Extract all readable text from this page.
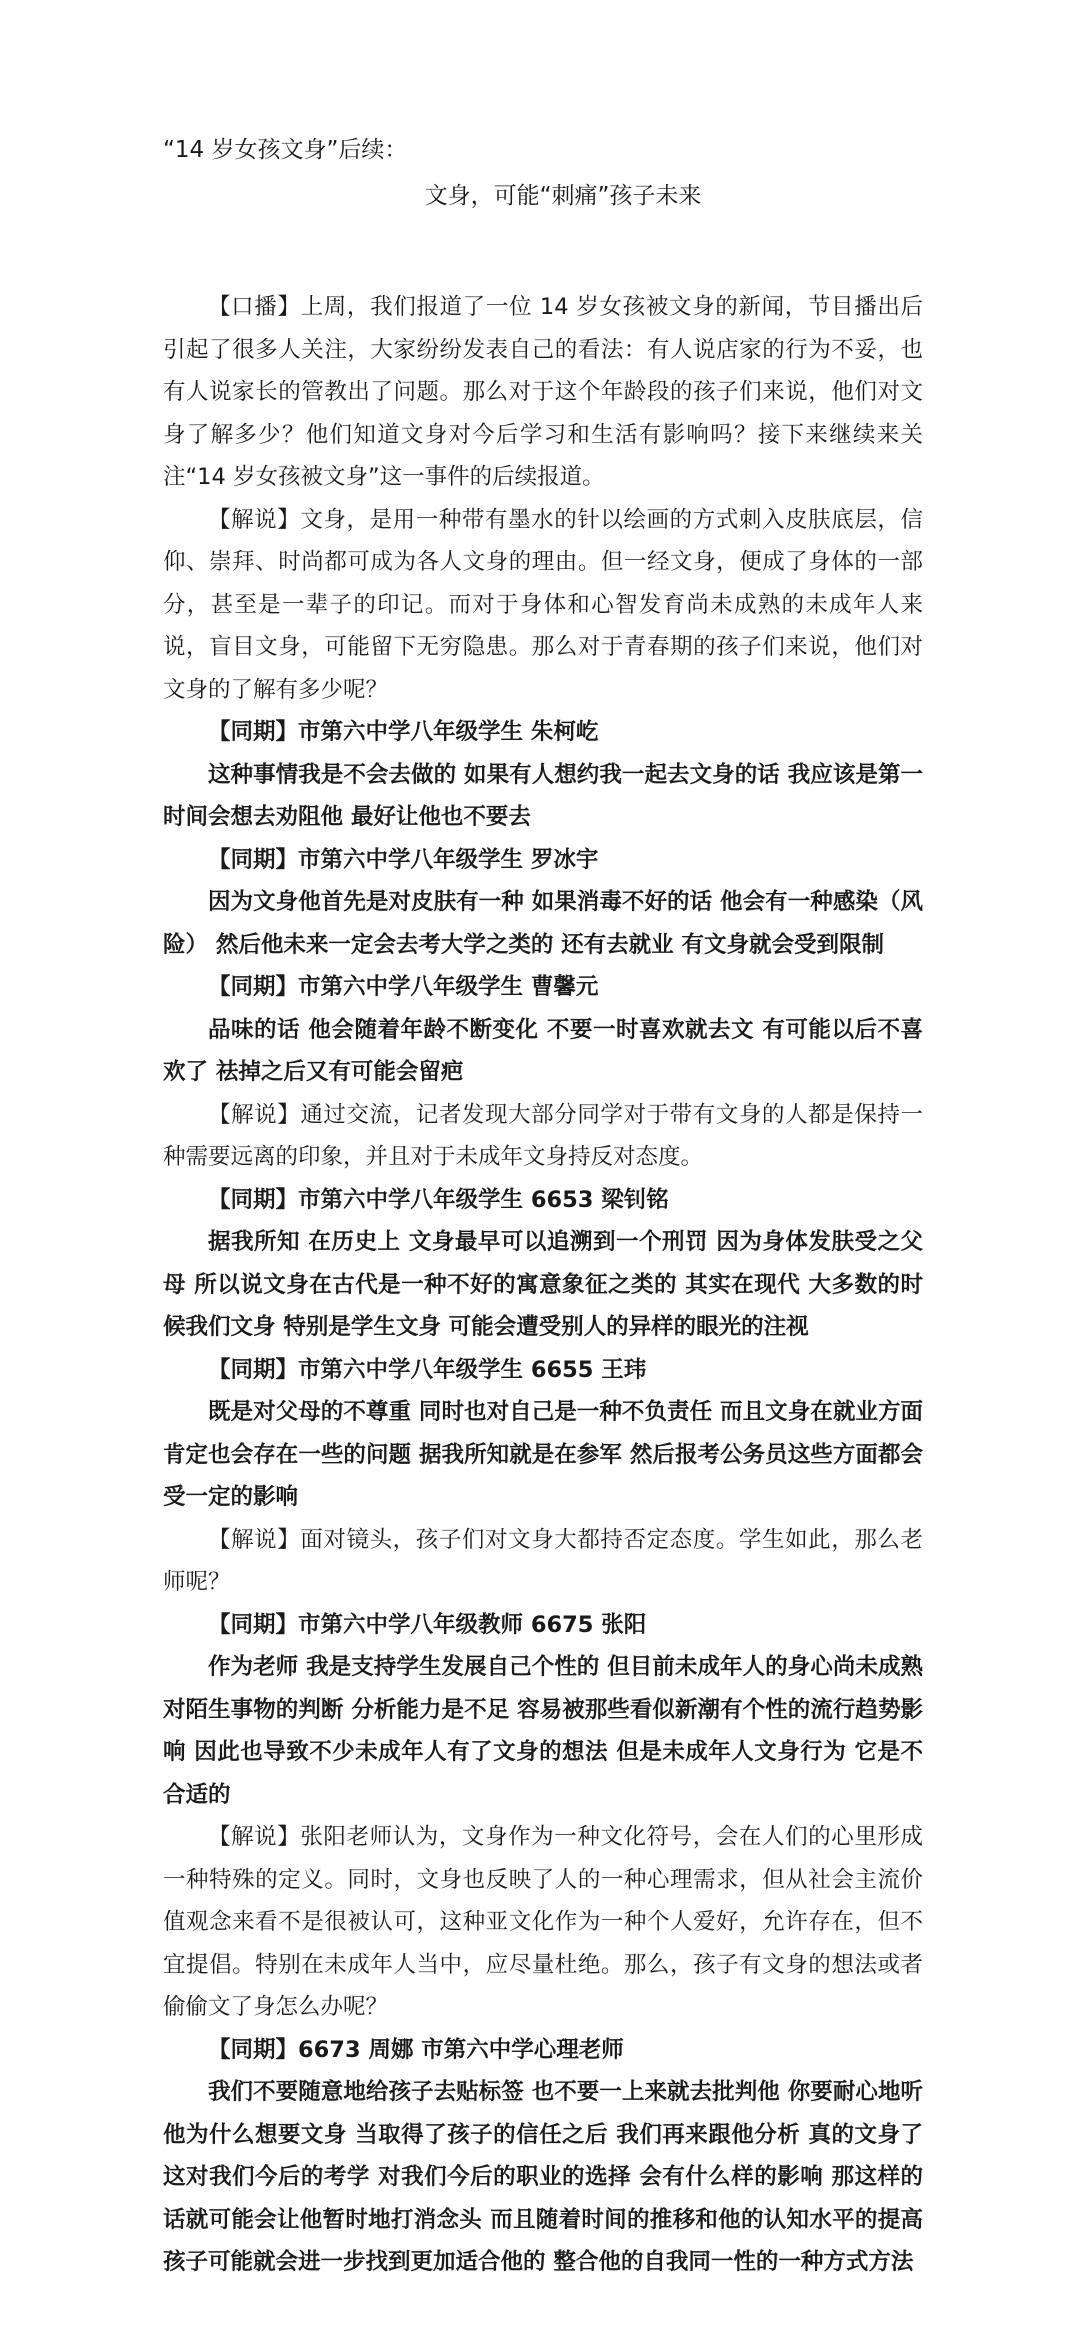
“14 岁女孩文身”后续：

文身，可能“刺痛”孩子未来

【口播】上周，我们报道了一位 14 岁女孩被文身的新闻，节目播出后引起了很多人关注，大家纷纷发表自己的看法：有人说店家的行为不妥，也有人说家长的管教出了问题。那么对于这个年龄段的孩子们来说，他们对文身了解多少？他们知道文身对今后学习和生活有影响吗？接下来继续来关注“14 岁女孩被文身”这一事件的后续报道。

【解说】文身，是用一种带有墨水的针以绘画的方式刺入皮肤底层，信仰、崇拜、时尚都可成为各人文身的理由。但一经文身，便成了身体的一部分，甚至是一辈子的印记。而对于身体和心智发育尚未成熟的未成年人来说，盲目文身，可能留下无穷隐患。那么对于青春期的孩子们来说，他们对文身的了解有多少呢？

【同期】市第六中学八年级学生 朱柯屹

这种事情我是不会去做的 如果有人想约我一起去文身的话 我应该是第一时间会想去劝阻他 最好让他也不要去

【同期】市第六中学八年级学生 罗冰宇

因为文身他首先是对皮肤有一种 如果消毒不好的话 他会有一种感染（风险） 然后他未来一定会去考大学之类的 还有去就业 有文身就会受到限制

【同期】市第六中学八年级学生 曹馨元

品味的话 他会随着年龄不断变化 不要一时喜欢就去文 有可能以后不喜欢了 祛掉之后又有可能会留疤

【解说】通过交流，记者发现大部分同学对于带有文身的人都是保持一种需要远离的印象，并且对于未成年文身持反对态度。

【同期】市第六中学八年级学生 6653 梁钊铭

据我所知 在历史上 文身最早可以追溯到一个刑罚 因为身体发肤受之父母 所以说文身在古代是一种不好的寓意象征之类的 其实在现代 大多数的时候我们文身 特别是学生文身 可能会遭受别人的异样的眼光的注视

【同期】市第六中学八年级学生 6655 王玮

既是对父母的不尊重 同时也对自己是一种不负责任 而且文身在就业方面肯定也会存在一些的问题 据我所知就是在参军 然后报考公务员这些方面都会受一定的影响

【解说】面对镜头，孩子们对文身大都持否定态度。学生如此，那么老师呢？

【同期】市第六中学八年级教师 6675 张阳

作为老师 我是支持学生发展自己个性的 但目前未成年人的身心尚未成熟 对陌生事物的判断 分析能力是不足 容易被那些看似新潮有个性的流行趋势影响 因此也导致不少未成年人有了文身的想法 但是未成年人文身行为 它是不合适的

【解说】张阳老师认为，文身作为一种文化符号，会在人们的心里形成一种特殊的定义。同时，文身也反映了人的一种心理需求，但从社会主流价值观念来看不是很被认可，这种亚文化作为一种个人爱好，允许存在，但不宜提倡。特别在未成年人当中，应尽量杜绝。那么，孩子有文身的想法或者偷偷文了身怎么办呢？

【同期】6673 周娜 市第六中学心理老师

我们不要随意地给孩子去贴标签 也不要一上来就去批判他 你要耐心地听他为什么想要文身 当取得了孩子的信任之后 我们再来跟他分析 真的文身了这对我们今后的考学 对我们今后的职业的选择 会有什么样的影响 那这样的话就可能会让他暂时地打消念头 而且随着时间的推移和他的认知水平的提高 孩子可能就会进一步找到更加适合他的 整合他的自我同一性的一种方式方法
